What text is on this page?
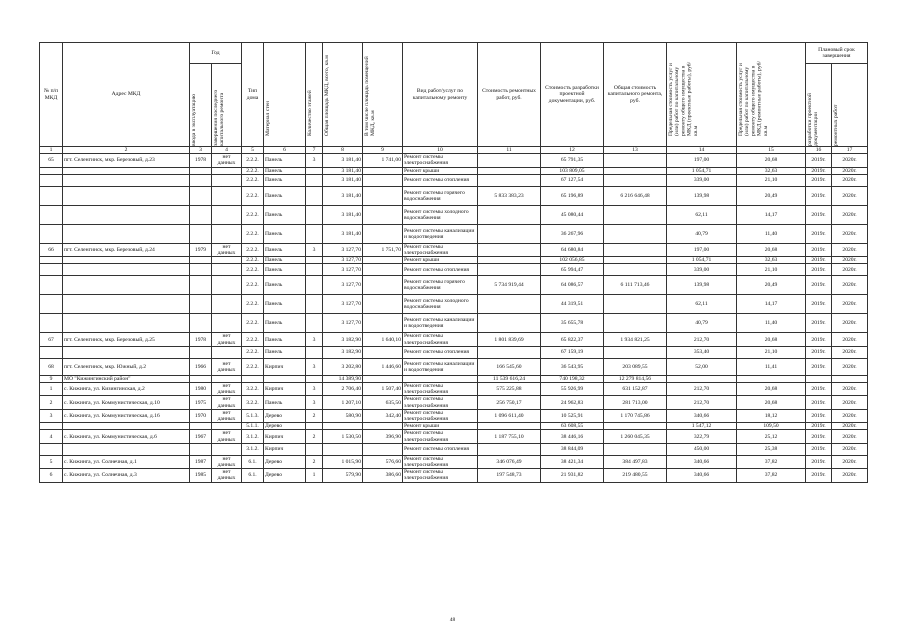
№ п/п МКД	Адрес МКД	Год		Тип дома	Материал стен	Количество этажей	Общая площадь МКД, всего, кв.м	В том числе площадь помещений МКД, кв.м	Вид работ/услуг по капитальному ремонту	Стоимость ремонтных работ, руб.	Стоимость разработки проектной документации, руб.	Общая стоимость капитального ремонта, руб.	Предельная стоимость услуг и (или) работ по капитальному ремонту общего имущества в МКД (проектные работы), руб/кв.м	Предельная стоимость услуг и (или) работ по капитальному ремонту общего имущества в МКД (ремонтные работы), руб/кв.м	Плановый срок завершения	

		ввода в эксплуатацию	завершения последнего капитального ремонта												разработки проектной документации	ремонтных работ

1	2	3	4	5	6	7	8	9	10	11	12	13	14	15	16	17
65	пгт. Селенгинск, мкр. Березовый, д.23	1978	нет данных	2.2.2.	Панель	3	3 181,40	1 741,00	Ремонт системы электроснабжения		65 791,35		197,00	20,68	2019г.	2020г.
				2.2.2.	Панель		3 181,40		Ремонт крыши		103 809,05		1 054,71	32,63	2019г.	2020г.
				2.2.2.	Панель		3 181,40		Ремонт системы отопления		67 127,54		339,00	21,10	2019г.	2020г.
				2.2.2.	Панель		3 181,40		Ремонт системы горячего водоснабжения	5 833 383,23	65 196,89	6 216 646,48	139,98	20,49	2019г.	2020г.
				2.2.2.	Панель		3 181,40		Ремонт системы холодного водоснабжения		45 080,44		62,11	14,17	2019г.	2020г.
				2.2.2.	Панель		3 181,40		Ремонт системы канализации и водоотведения		36 267,96		40,79	11,40	2019г.	2020г.
66	пгт. Селенгинск, мкр. Березовый, д.24	1979	нет данных	2.2.2.	Панель	3	3 127,70	1 751,70	Ремонт системы электроснабжения		64 680,84		197,00	20,68	2019г.	2020г.
				2.2.2.	Панель		3 127,70		Ремонт крыши		102 056,85		1 054,71	32,63	2019г.	2020г.
				2.2.2.	Панель		3 127,70		Ремонт системы отопления		65 994,47		339,00	21,10	2019г.	2020г.
				2.2.2.	Панель		3 127,70		Ремонт системы горячего водоснабжения	5 734 919,44	64 086,57	6 111 713,46	139,98	20,49	2019г.	2020г.
				2.2.2.	Панель		3 127,70		Ремонт системы холодного водоснабжения		44 319,51		62,11	14,17	2019г.	2020г.
				2.2.2.	Панель		3 127,70		Ремонт системы канализации и водоотведения		35 655,78		40,79	11,40	2019г.	2020г.
67	пгт. Селенгинск, мкр. Березовый, д.25	1978	нет данных	2.2.2.	Панель	3	3 182,90	1 640,10	Ремонт системы электроснабжения	1 801 839,69	65 822,37	1 934 821,25	212,70	20,68	2019г.	2020г.
				2.2.2.	Панель		3 182,90		Ремонт системы отопления		67 159,19		353,40	21,10	2019г.	2020г.
68	пгт. Селенгинск, мкр. Южный, д.2	1966	нет данных	2.2.2.	Кирпич	3	3 202,80	1 446,60	Ремонт системы канализации и водоотведения	166 545,60	36 543,95	203 089,55	52,00	11,41	2019г.	2020г.
9	МО "Кижингинский район"						14 389,90			11 539 616,24	740 198,32	12 279 814,56				
1	с. Кижинга, ул. Кизингинская, д.2	1980	нет данных	3.2.2.	Кирпич	3	2 706,40	1 507,40	Ремонт системы электроснабжения	575 225,88	55 926,99	631 152,87	212,70	20,68	2019г.	2020г.
2	с. Кижинга, ул. Коммунистическая, д.10	1975	нет данных	3.2.2.	Панель	3	1 207,10	635,50	Ремонт системы электроснабжения	256 750,17	24 962,83	281 713,00	212,70	20,68	2019г.	2020г.
3	с. Кижинга, ул. Коммунистическая, д.16	1970	нет данных	5.1.3.	Дерево	2	580,90	342,40	Ремонт системы электроснабжения	1 096 611,40	10 525,91	1 170 745,86	340,66	18,12	2019г.	2020г.
				5.1.1.	Дерево				Ремонт крыши		63 608,55		1 547,12	109,50	2019г.	2020г.
4	с. Кижинга, ул. Коммунистическая, д.6	1967	нет данных	3.1.2.	Кирпич	2	1 530,50	396,90	Ремонт системы электроснабжения	1 187 755,10	38 446,16	1 260 045,35	322,79	25,12	2019г.	2020г.
				3.1.2.	Кирпич				Ремонт системы отопления		38 844,09		450,00	25,38	2019г.	2020г.
5	с. Кижинга, ул. Солнечная, д.1	1987	нет данных	6.1.	Дерево	2	1 015,90	576,60	Ремонт системы электроснабжения	346 076,49	38 421,34	384 497,83	340,66	37,82	2019г.	2020г.
6	с. Кижинга, ул. Солнечная, д.3	1985	нет данных	6.1.	Дерево	1	579,90	386,60	Ремонт системы электроснабжения	197 548,73	21 931,82	219 480,55	340,66	37,82	2019г.	2020г.
48
